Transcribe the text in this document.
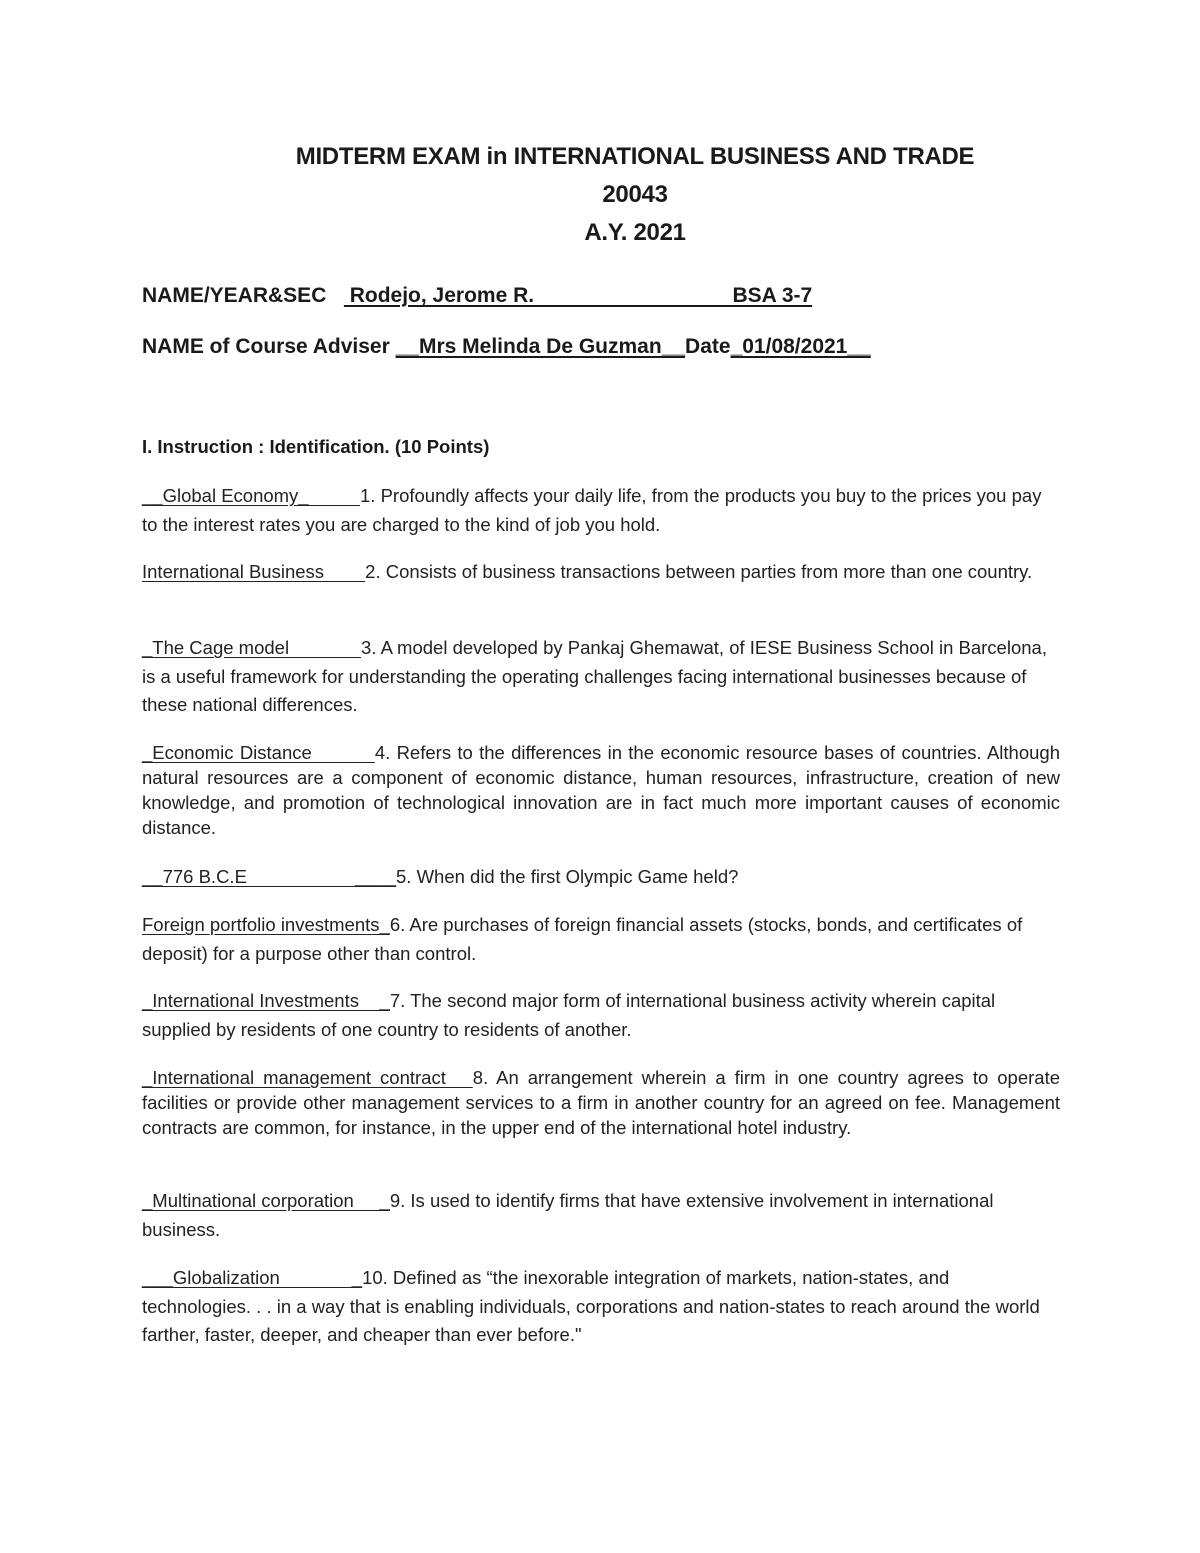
MIDTERM EXAM in INTERNATIONAL BUSINESS AND TRADE
20043
A.Y. 2021
NAME/YEAR&SEC    Rodejo, Jerome R.                                  BSA 3-7
NAME of Course Adviser __Mrs Melinda De Guzman__Date_01/08/2021__
I. Instruction : Identification. (10 Points)
__Global Economy_          1. Profoundly affects your daily life, from the products you buy to the prices you pay to the interest rates you are charged to the kind of job you hold.
International Business        2. Consists of business transactions between parties from more than one country.
_The Cage model              3. A model developed by Pankaj Ghemawat, of IESE Business School in Barcelona, is a useful framework for understanding the operating challenges facing international businesses because of these national differences.
_Economic Distance          4. Refers to the differences in the economic resource bases of countries. Although natural resources are a component of economic distance, human resources, infrastructure, creation of new knowledge, and promotion of technological innovation are in fact much more important causes of economic distance.
__776 B.C.E                     ____5. When did the first Olympic Game held?
Foreign portfolio investments_6. Are purchases of foreign financial assets (stocks, bonds, and certificates of deposit) for a purpose other than control.
_International Investments    _7. The second major form of international business activity wherein capital supplied by residents of one country to residents of another.
_International management contract   8. An arrangement wherein a firm in one country agrees to operate facilities or provide other management services to a firm in another country for an agreed on fee. Management contracts are common, for instance, in the upper end of the international hotel industry.
_Multinational corporation     _9. Is used to identify firms that have extensive involvement in international business.
___Globalization              _10. Defined as “the inexorable integration of markets, nation-states, and technologies. . . in a way that is enabling individuals, corporations and nation-states to reach around the world farther, faster, deeper, and cheaper than ever before."
